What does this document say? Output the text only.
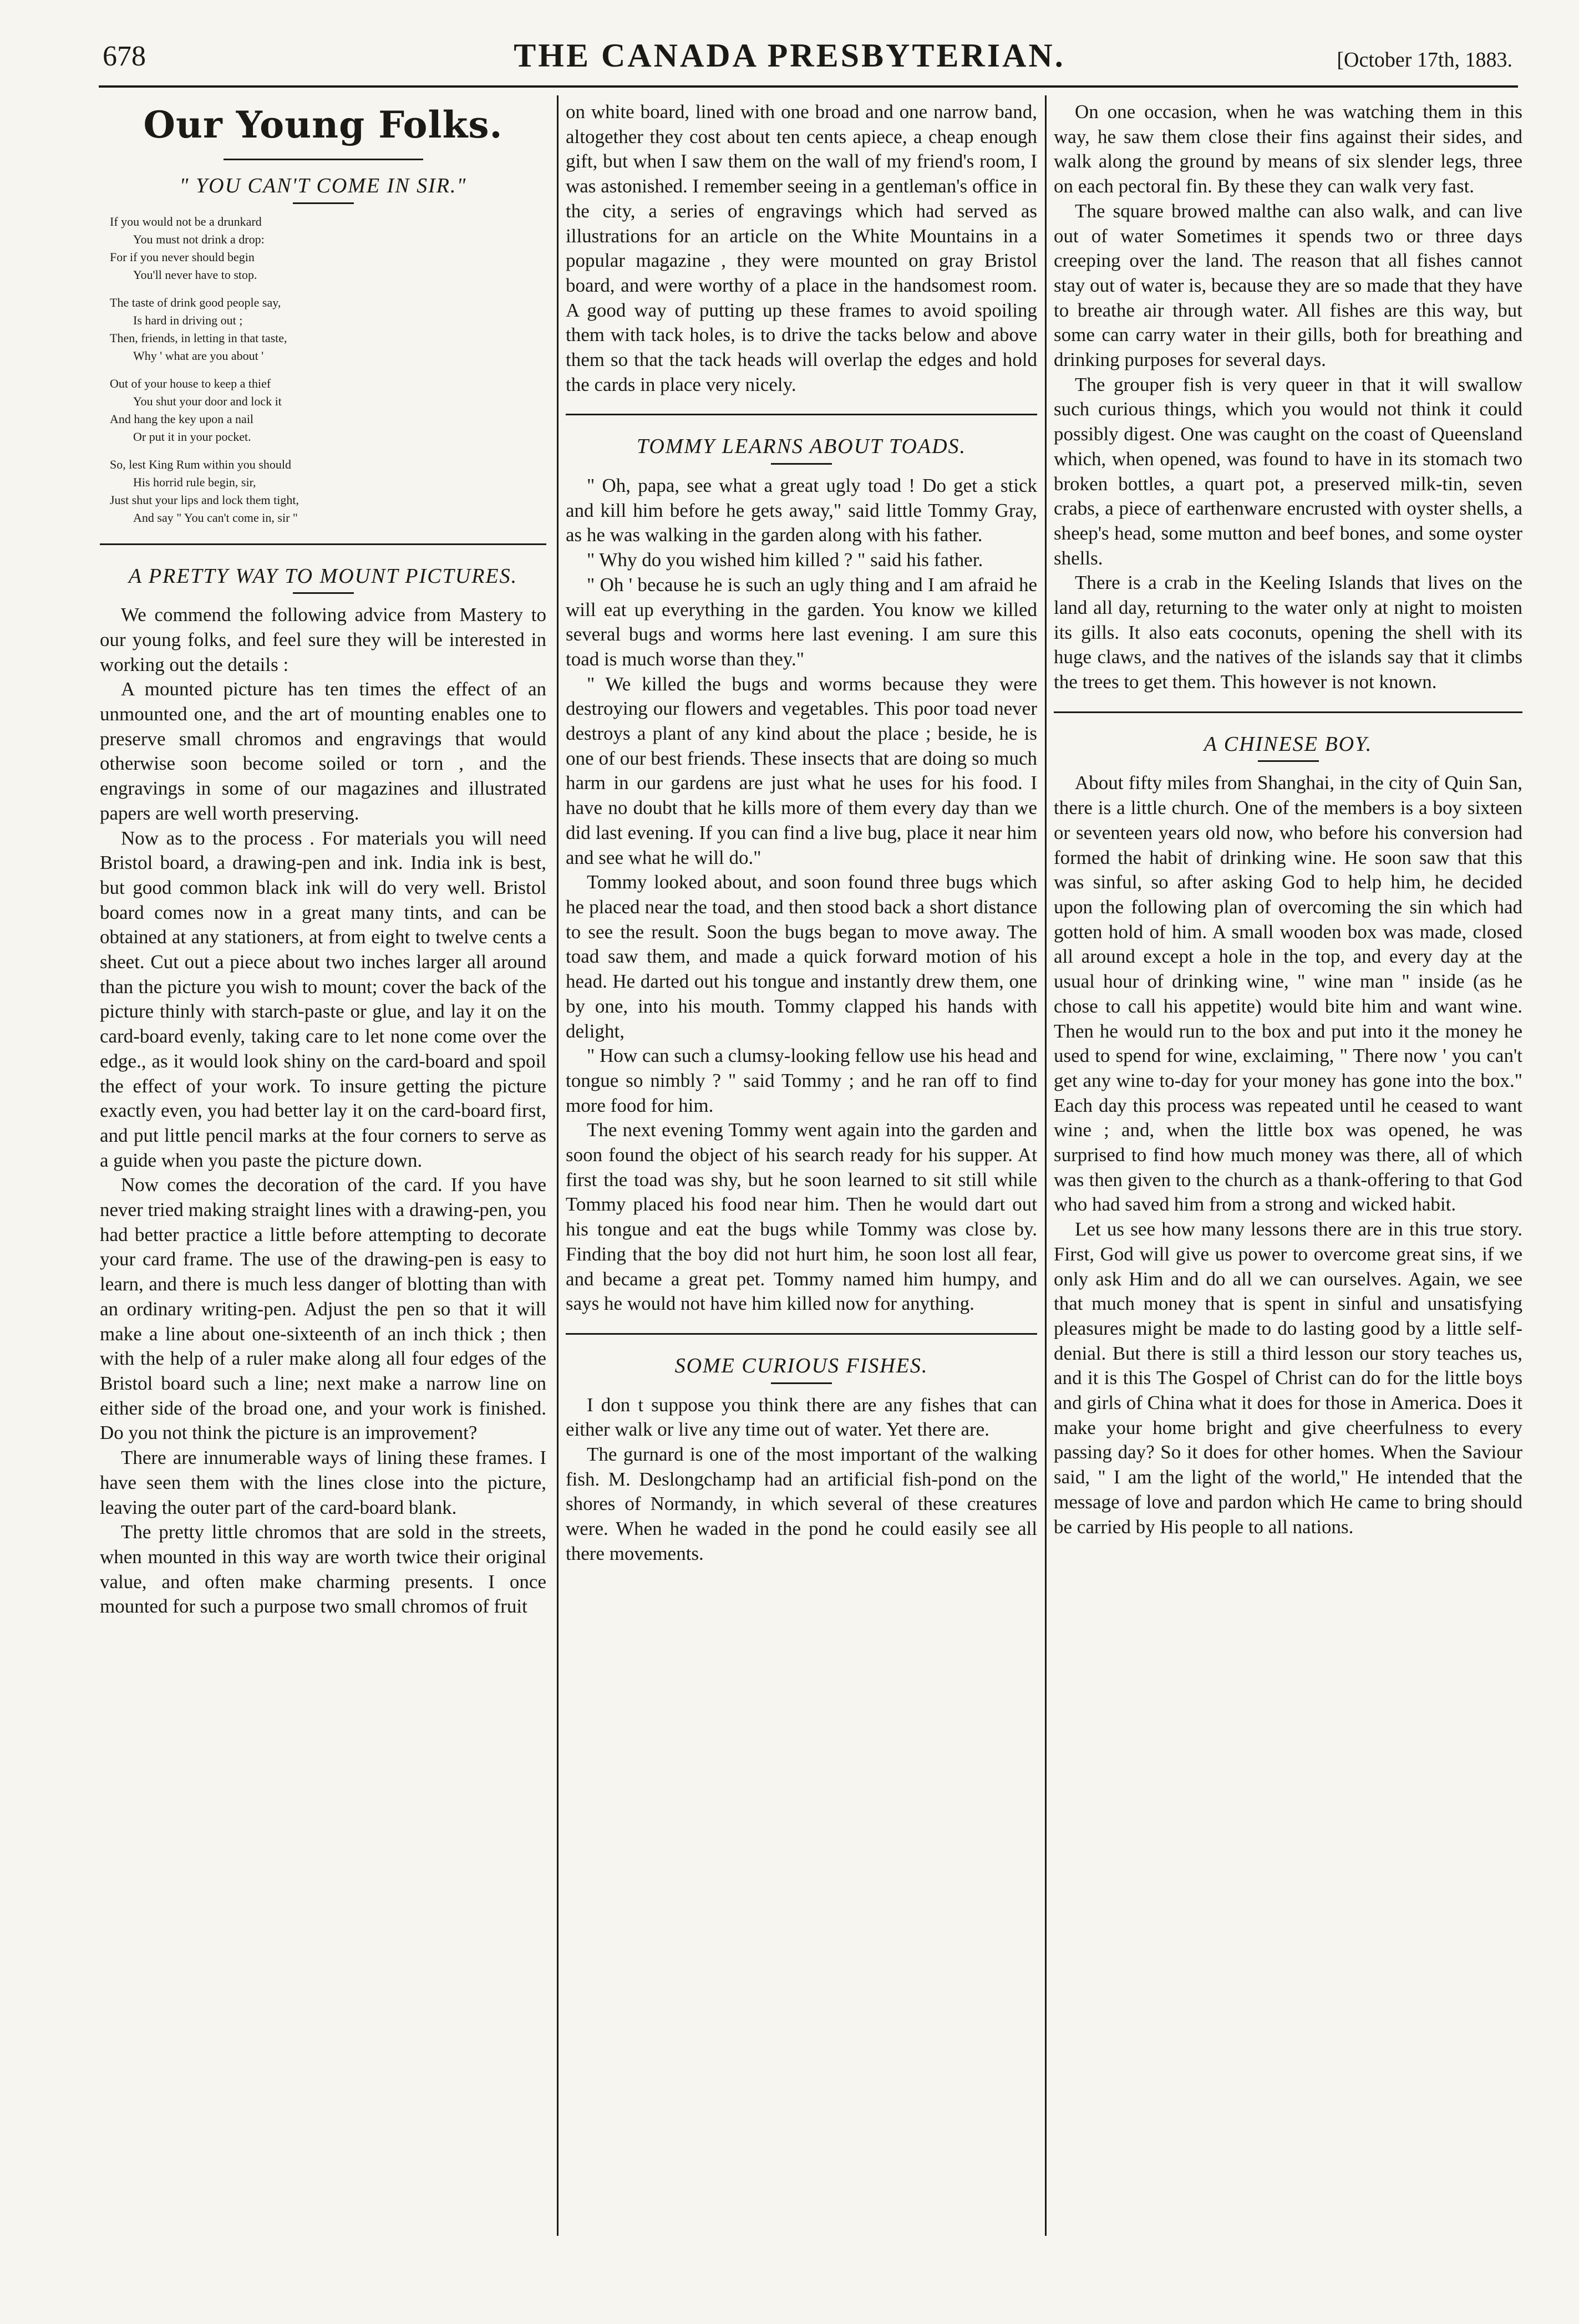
678	THE CANADA PRESBYTERIAN.	[October 17th, 1883.
Our Young Folks.
" YOU CAN'T COME IN SIR."
If you would not be a drunkard
You must not drink a drop:
For if you never should begin
You'll never have to stop.
The taste of drink good people say,
Is hard in driving out ;
Then, friends, in letting in that taste,
Why ' what are you about '
Out of your house to keep a thief
You shut your door and lock it
And hang the key upon a nail
Or put it in your pocket.
So, lest King Rum within you should
His horrid rule begin, sir,
Just shut your lips and lock them tight,
And say " You can't come in, sir "
A PRETTY WAY TO MOUNT PICTURES.

We commend the following advice from Mastery to our young folks, and feel sure they will be interested in working out the details :

A mounted picture has ten times the effect of an unmounted one, and the art of mounting enables one to preserve small chromos and engravings that would otherwise soon become soiled or torn , and the engravings in some of our magazines and illustrated papers are well worth preserving.

Now as to the process . For materials you will need Bristol board, a drawing-pen and ink. India ink is best, but good common black ink will do very well. Bristol board comes now in a great many tints, and can be obtained at any stationers, at from eight to twelve cents a sheet. Cut out a piece about two inches larger all around than the picture you wish to mount; cover the back of the picture thinly with starch-paste or glue, and lay it on the card-board evenly, taking care to let none come over the edge., as it would look shiny on the card-board and spoil the effect of your work. To insure getting the picture exactly even, you had better lay it on the card-board first, and put little pencil marks at the four corners to serve as a guide when you paste the picture down.

Now comes the decoration of the card. If you have never tried making straight lines with a drawing-pen, you had better practice a little before attempting to decorate your card frame. The use of the drawing-pen is easy to learn, and there is much less danger of blotting than with an ordinary writing-pen. Adjust the pen so that it will make a line about one-sixteenth of an inch thick ; then with the help of a ruler make along all four edges of the Bristol board such a line; next make a narrow line on either side of the broad one, and your work is finished. Do you not think the picture is an improvement?

There are innumerable ways of lining these frames. I have seen them with the lines close into the picture, leaving the outer part of the card-board blank.

The pretty little chromos that are sold in the streets, when mounted in this way are worth twice their original value, and often make charming presents. I once mounted for such a purpose two small chromos of fruit

on white board, lined with one broad and one narrow band, altogether they cost about ten cents apiece, a cheap enough gift, but when I saw them on the wall of my friend's room, I was astonished. I remember seeing in a gentleman's office in the city, a series of engravings which had served as illustrations for an article on the White Mountains in a popular magazine , they were mounted on gray Bristol board, and were worthy of a place in the handsomest room. A good way of putting up these frames to avoid spoiling them with tack holes, is to drive the tacks below and above them so that the tack heads will overlap the edges and hold the cards in place very nicely.

TOMMY LEARNS ABOUT TOADS.

" Oh, papa, see what a great ugly toad ! Do get a stick and kill him before he gets away," said little Tommy Gray, as he was walking in the garden along with his father.

" Why do you wished him killed ? " said his father.

" Oh ' because he is such an ugly thing and I am afraid he will eat up everything in the garden. You know we killed several bugs and worms here last evening. I am sure this toad is much worse than they."

" We killed the bugs and worms because they were destroying our flowers and vegetables. This poor toad never destroys a plant of any kind about the place ; beside, he is one of our best friends. These insects that are doing so much harm in our gardens are just what he uses for his food. I have no doubt that he kills more of them every day than we did last evening. If you can find a live bug, place it near him and see what he will do."

Tommy looked about, and soon found three bugs which he placed near the toad, and then stood back a short distance to see the result. Soon the bugs began to move away. The toad saw them, and made a quick forward motion of his head. He darted out his tongue and instantly drew them, one by one, into his mouth. Tommy clapped his hands with delight,

" How can such a clumsy-looking fellow use his head and tongue so nimbly ? " said Tommy ; and he ran off to find more food for him.

The next evening Tommy went again into the garden and soon found the object of his search ready for his supper. At first the toad was shy, but he soon learned to sit still while Tommy placed his food near him. Then he would dart out his tongue and eat the bugs while Tommy was close by. Finding that the boy did not hurt him, he soon lost all fear, and became a great pet. Tommy named him humpy, and says he would not have him killed now for anything.

SOME CURIOUS FISHES.

I don t suppose you think there are any fishes that can either walk or live any time out of water. Yet there are.

The gurnard is one of the most important of the walking fish. M. Deslongchamp had an artificial fish-pond on the shores of Normandy, in which several of these creatures were. When he waded in the pond he could easily see all there movements.

On one occasion, when he was watching them in this way, he saw them close their fins against their sides, and walk along the ground by means of six slender legs, three on each pectoral fin. By these they can walk very fast.

The square browed malthe can also walk, and can live out of water Sometimes it spends two or three days creeping over the land. The reason that all fishes cannot stay out of water is, because they are so made that they have to breathe air through water. All fishes are this way, but some can carry water in their gills, both for breathing and drinking purposes for several days.

The grouper fish is very queer in that it will swallow such curious things, which you would not think it could possibly digest. One was caught on the coast of Queensland which, when opened, was found to have in its stomach two broken bottles, a quart pot, a preserved milk-tin, seven crabs, a piece of earthenware encrusted with oyster shells, a sheep's head, some mutton and beef bones, and some oyster shells.

There is a crab in the Keeling Islands that lives on the land all day, returning to the water only at night to moisten its gills. It also eats coconuts, opening the shell with its huge claws, and the natives of the islands say that it climbs the trees to get them. This however is not known.

A CHINESE BOY.

About fifty miles from Shanghai, in the city of Quin San, there is a little church. One of the members is a boy sixteen or seventeen years old now, who before his conversion had formed the habit of drinking wine. He soon saw that this was sinful, so after asking God to help him, he decided upon the following plan of overcoming the sin which had gotten hold of him. A small wooden box was made, closed all around except a hole in the top, and every day at the usual hour of drinking wine, " wine man " inside (as he chose to call his appetite) would bite him and want wine. Then he would run to the box and put into it the money he used to spend for wine, exclaiming, " There now ' you can't get any wine to-day for your money has gone into the box." Each day this process was repeated until he ceased to want wine ; and, when the little box was opened, he was surprised to find how much money was there, all of which was then given to the church as a thank-offering to that God who had saved him from a strong and wicked habit.

Let us see how many lessons there are in this true story. First, God will give us power to overcome great sins, if we only ask Him and do all we can ourselves. Again, we see that much money that is spent in sinful and unsatisfying pleasures might be made to do lasting good by a little self-denial. But there is still a third lesson our story teaches us, and it is this The Gospel of Christ can do for the little boys and girls of China what it does for those in America. Does it make your home bright and give cheerfulness to every passing day? So it does for other homes. When the Saviour said, " I am the light of the world," He intended that the message of love and pardon which He came to bring should be carried by His people to all nations.
